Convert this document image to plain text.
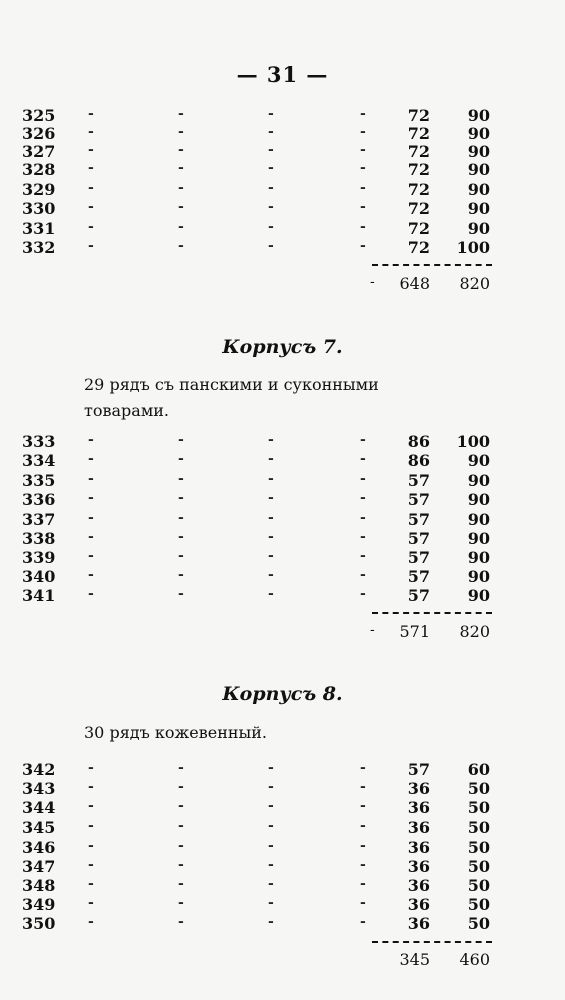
— 31 —
325 -	-	-	-	72 90
326 -	-	-	-	72 90
327 -	-	-	-	72 90
328 -	-	-	-	72 90
329 -	-	-	-	72 90
330 -	-	-	-	72 90
331 -	-	-	-	72 90
332 -	-	-	-	72 100
- 648 820
Корпусъ 7.
29 рядъ съ панскими и суконными товарами.
333 -	-	-	-	86 100
334 -	-	-	-	86 90
335 -	-	-	-	57 90
336 -	-	-	-	57 90
337 -	-	-	-	57 90
338 -	-	-	-	57 90
339 -	-	-	-	57 90
340 -	-	-	-	57 90
341 -	-	-	-	57 90
- 571 820
Корпусъ 8.
30 рядъ кожевенный.
342 -	-	-	-	57 60
343 -	-	-	-	36 50
344 -	-	-	-	36 50
345 -	-	-	-	36 50
346 -	-	-	-	36 50
347 -	-	-	-	36 50
348 -	-	-	-	36 50
349 -	-	-	-	36 50
350 -	-	-	-	36 50
345 460
